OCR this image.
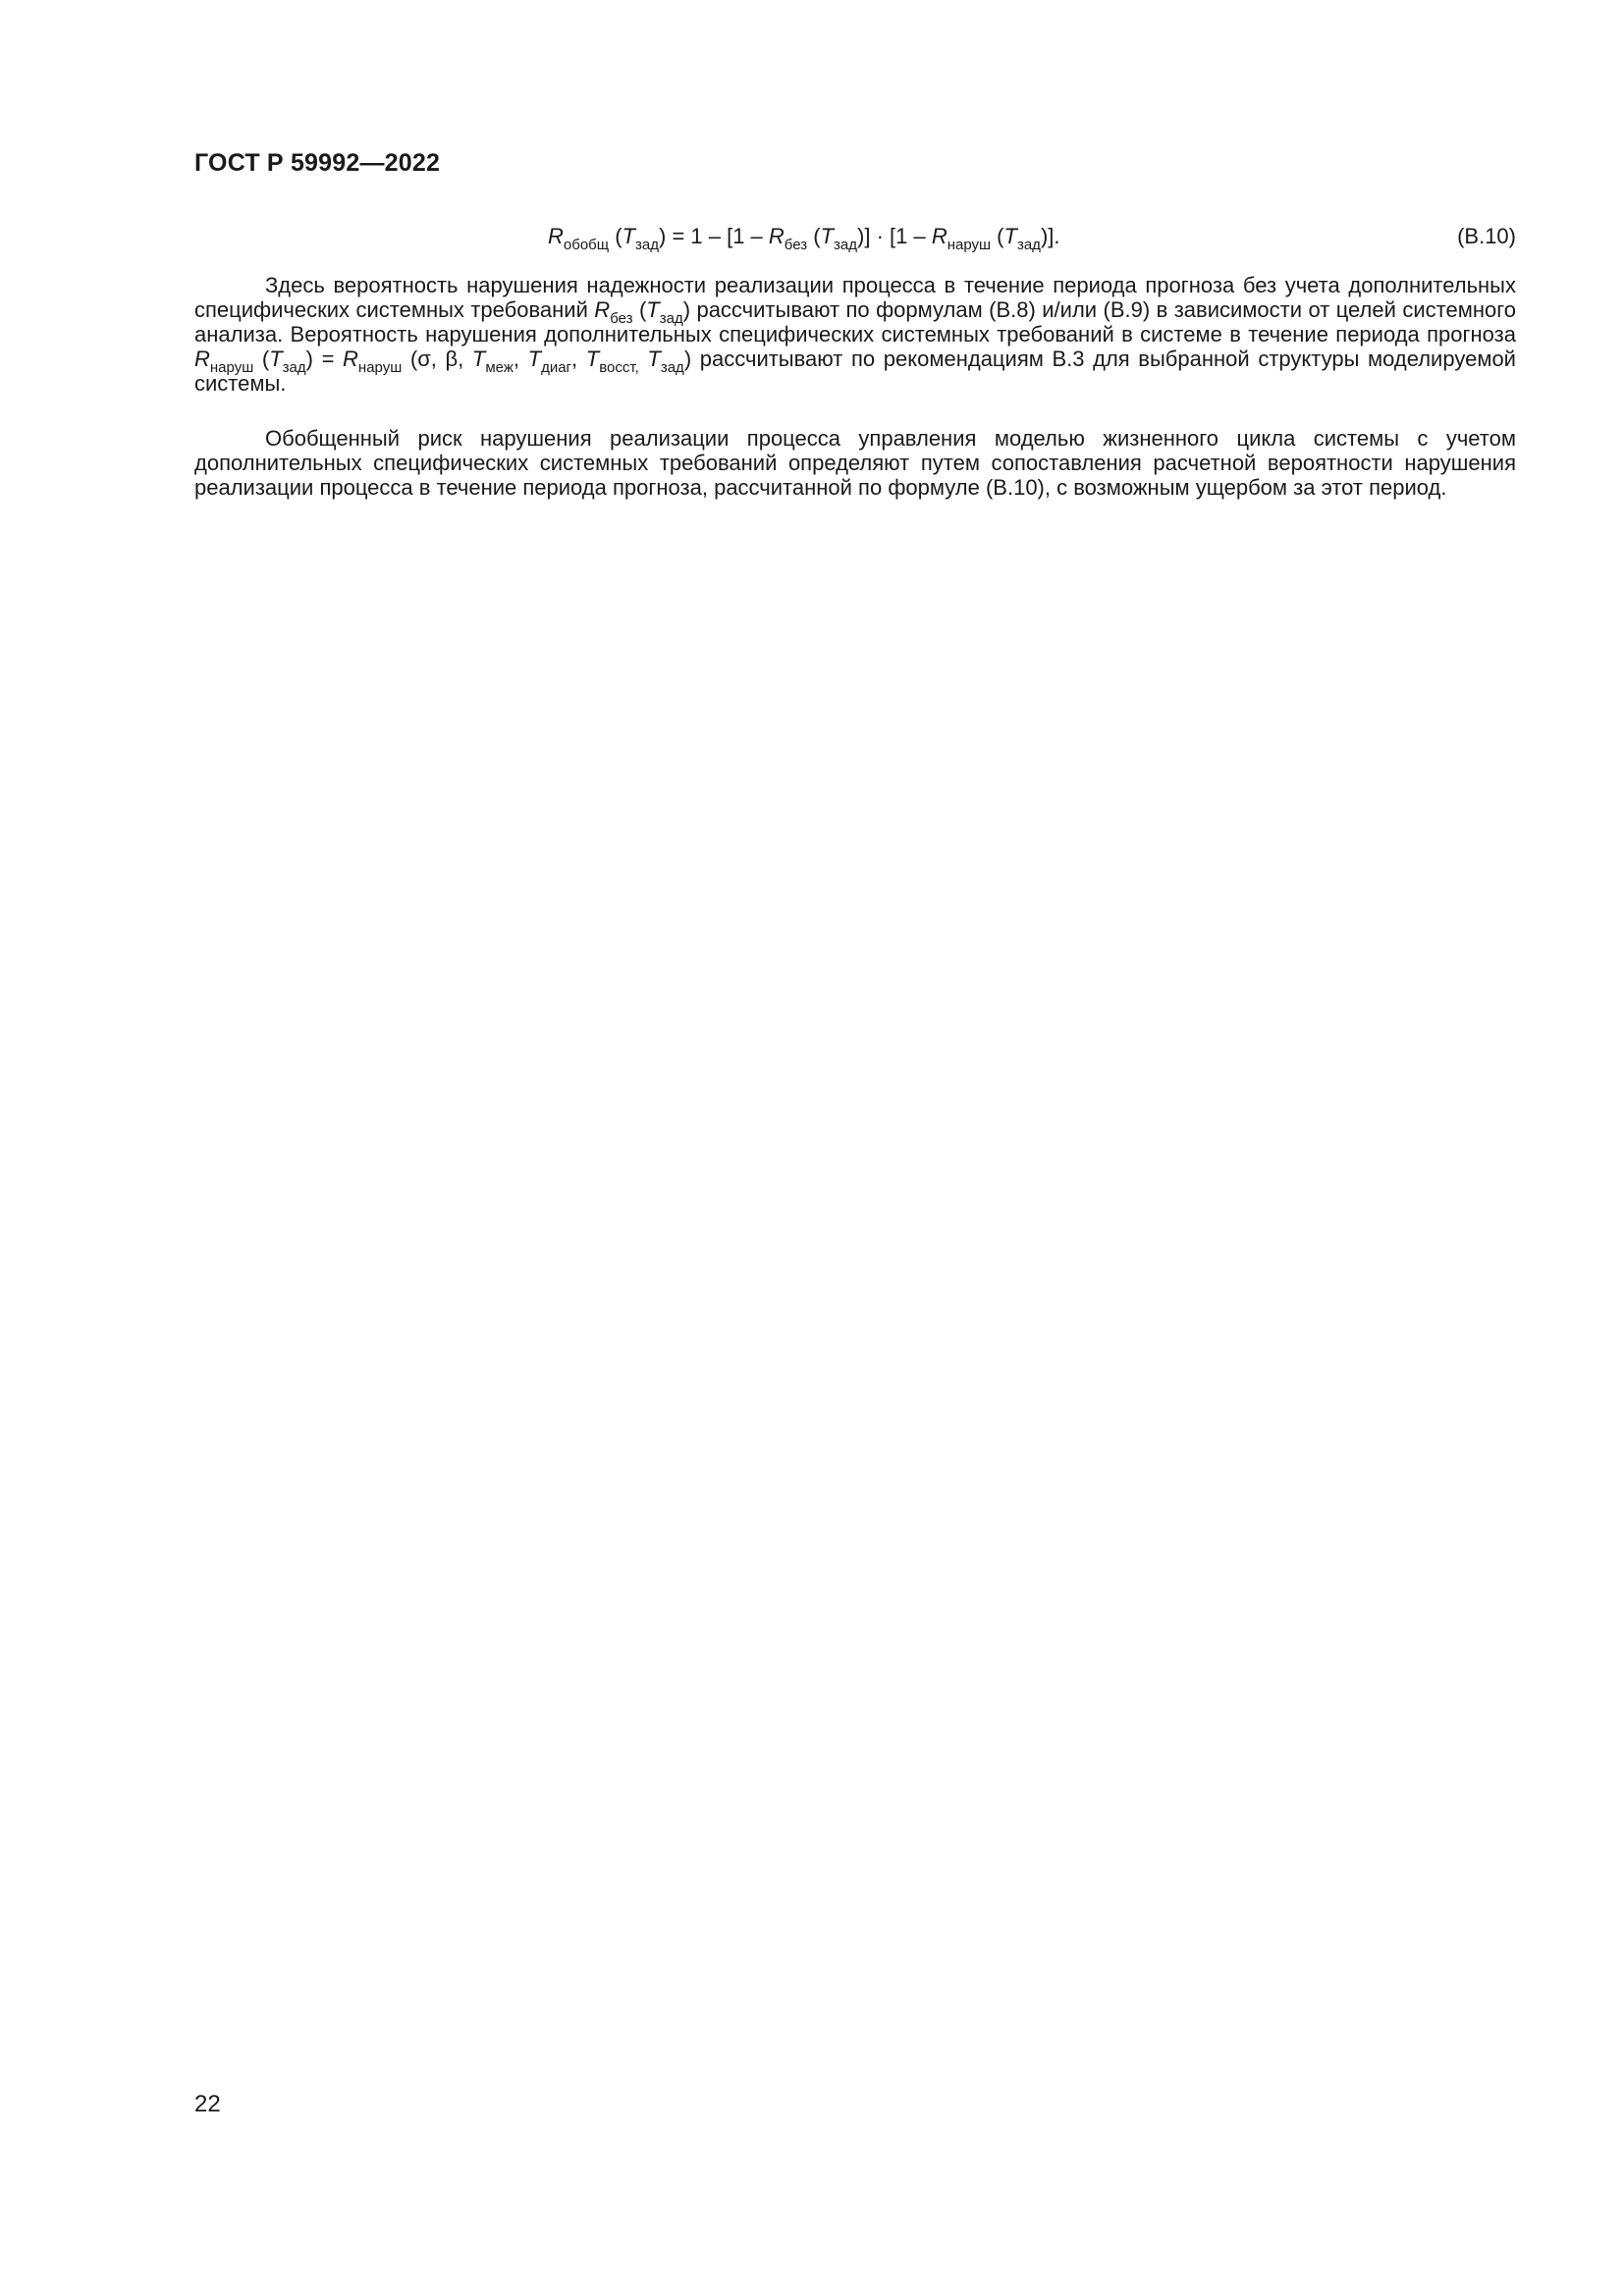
ГОСТ Р 59992—2022
$R_{обобщ}$ $(T_{зад}) = 1 - [1 - R_{без}$ $(T_{зад})] \cdot [1 - R_{наруш}$ $(T_{зад})$].	(В.10)
Здесь вероятность нарушения надежности реализации процесса в течение периода прогноза без учета дополнительных специфических системных требований $R_{без}$ $(T_{зад})$ рассчитывают по формулам (В.8) и/или (В.9) в зависимости от целей системного анализа. Вероятность нарушения дополнительных специфических системных требований в системе в течение периода прогноза $R_{наруш}$ $(T_{зад}) = R_{наруш}$ (σ, β, $T_{меж}$, $T_{диаг}$, $T_{восст,}$ $T_{зад}$) рассчитывают по рекомендациям В.3 для выбранной структуры моделируемой системы.
Обобщенный риск нарушения реализации процесса управления моделью жизненного цикла системы с учетом дополнительных специфических системных требований определяют путем сопоставления расчетной вероятности нарушения реализации процесса в течение периода прогноза, рассчитанной по формуле (В.10), с возможным ущербом за этот период.
22
